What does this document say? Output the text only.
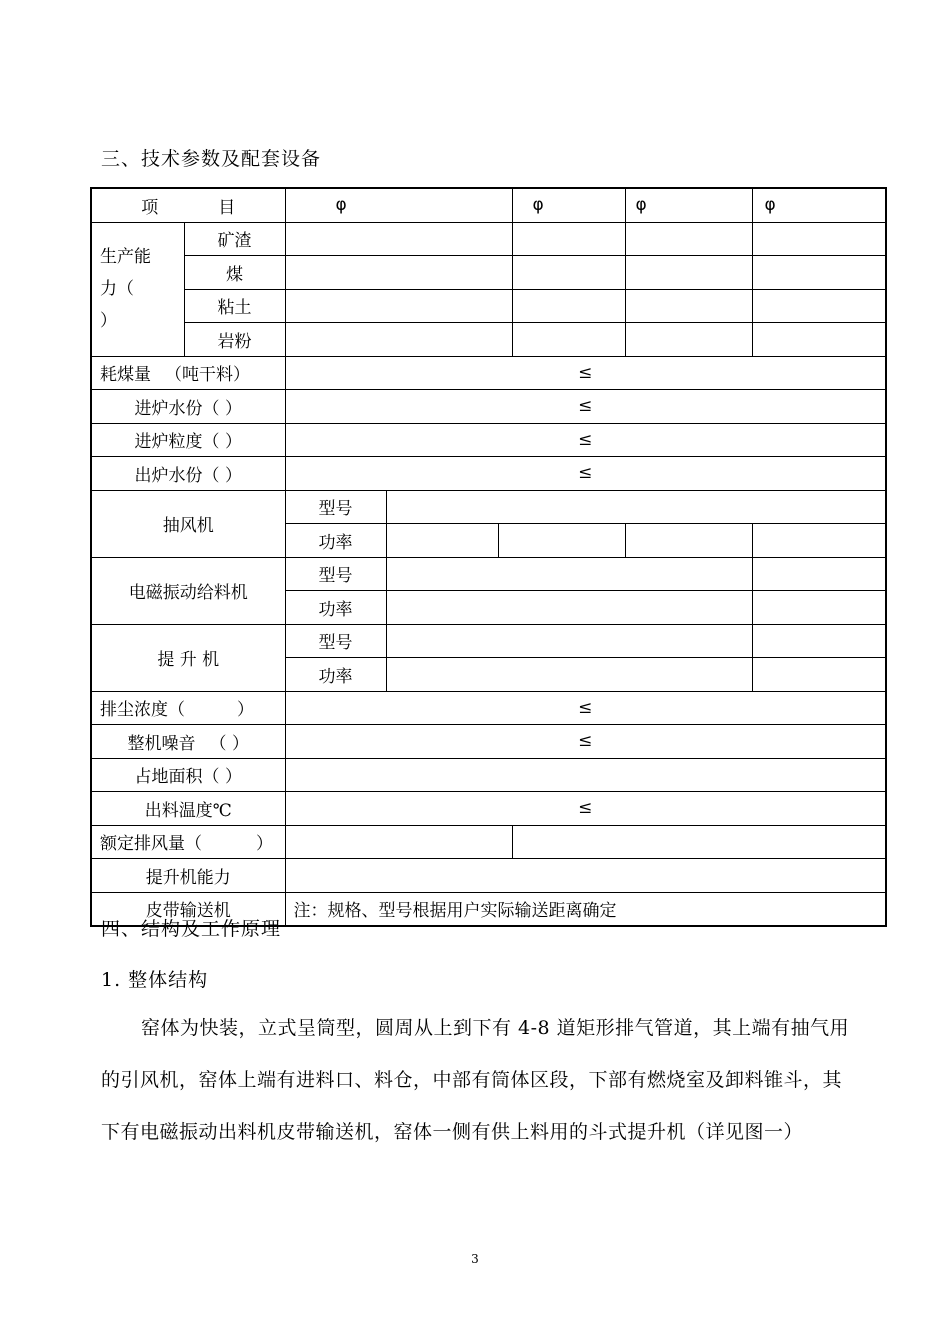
三、技术参数及配套设备
项 目		φ			φ	φ	φ
生产能
力（）	矿渣						
	煤						
	粘土						
	岩粉						
耗煤量 （吨干料）		≤					
进炉水份（ ）		≤					
进炉粒度（ ）		≤					
出炉水份（ ）		≤					
抽风机		型号					
		功率					
电磁振动给料机		型号					
		功率					
提 升 机		型号					
		功率					
排尘浓度（ ）		≤					
整机噪音 （ ）		≤					
占地面积（ ）							
出料温度℃		≤					
额定排风量（ ）							
提升机能力							
皮带输送机		注：规格、型号根据用户实际输送距离确定					
四、结构及工作原理
1. 整体结构

窑体为快装，立式呈筒型，圆周从上到下有 4-8 道矩形排气管道，其上端有抽气用的引风机，窑体上端有进料口、料仓，中部有筒体区段，下部有燃烧室及卸料锥斗，其下有电磁振动出料机皮带输送机，窑体一侧有供上料用的斗式提升机（详见图一）

3
